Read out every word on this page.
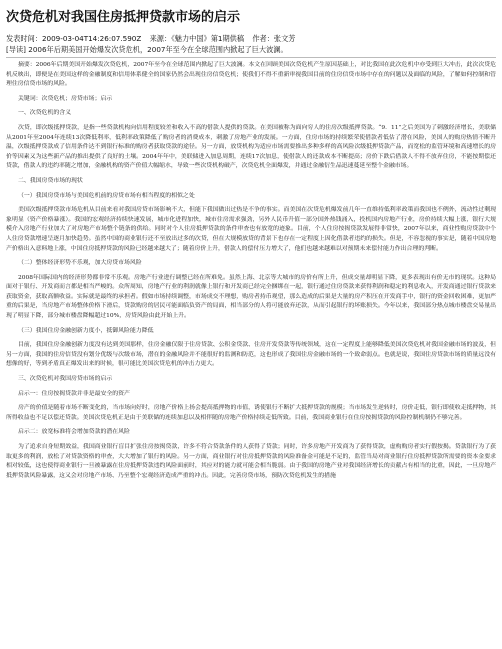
次贷危机对我国住房抵押贷款市场的启示
发表时间：2009-03-04T14:26:07.590Z 来源：《魅力中国》第1期供稿 作者：张文芳
[导读] 2006年后期美国开始爆发次贷危机，2007年至今在全球范围内掀起了巨大波澜。

摘要：2006年后期美国开始爆发次贷危机，2007年至今在全球范围内掀起了巨大波澜。本文在回顾美国次贷危机产生原因基础上，对比我国在此次危机中亦受到巨大冲击，此次次贷危机反映出，即便是在美国这样的金融制度和信用体系健全的国家仍然会出现住房信贷危机；使我们不得不重新审视我国目前的住房信贷市场中存在的问题以及面临的风险，了解如何控制和管理住房信贷市场的风险。

关键词：次贷危机；房贷市场；启示

一、次贷危机的含义

次贷，即次级抵押贷款，是指一些贷款机构向信用程度较差和收入不高的借款人提供的贷款。在美国被称为面向穷人的住房次级抵押贷款。“9．11”之后美国为了刺激经济增长，美联储从2001年至2004年连续13次降低利率，低利率政策降低了购房者的消费成本，刺激了房地产业的发展。一方面，住房市场的持续繁荣使借款者低估了潜在风险，美国人的购房热情不断升温，次级抵押贷款成了信用条件达不到银行标准的购房者获取贷款的途径。另一方面，放贷机构为适应市场需要推出多种多样的高风险次级抵押贷款产品，而宽松的监管环境和高速增长的房价等因素又为这些新产品的推出提供了良好的土壤。2004年年中，美联储进入加息周期，连续17次加息，使借款人的还款成本不断提高；房价下跌后借款人不得不放弃住房，不能按期偿还贷款，借款人的违约率随之增加，金融机构的资产价值大幅缩水，导致一些次贷机构破产，次贷危机全面爆发，并通过金融衍生品迅速蔓延至整个金融市场。

二、我国房贷市场的现状

（一）我国房贷市场与美国危机前的房贷市场有相当程度的相似之处

美国次级抵押贷款市场危机从目前来看对我国房贷市场影响不大，但能下我国做出过热是不争的事实。而美国在次贷危机爆发前几年一直维持低利率政策而我国也不例外，流动性过剩现象明显（资产价格暴涨）。我国的宏观经济持续快速发展，城市化进程加快，城市住房需求强劲，另外人民币升值一部分国外热钱涌入，投机国内房地产行业，房价持续大幅上涨，银行大规模介入房地产行业加大了对房地产市场整个链条的供给。同时对个人住房抵押贷款的条件审查也有放宽的迹象。目前，个人住房按揭贷款发展得非常快，2007年以来，商业性购房贷款中个人住房贷款增速呈逐月加快趋势。虽然中国的商业银行还不至放出过多的次贷，但在大规模放贷的背景下也存在一定程度上因化借款者违约的损失。但是，不容忽视的事实是，随着中国房地产价格出入意料地上涨，中国住房抵押贷款的风险已经越来越大了；随着房价上升，借款人的偿付压力增大了，他们也越来越难以对预期未来偿付能力作出合理的判断。

（二）整体经济形势不乐观，加大房贷市场风险

2008年国际国内的经济形势都非常不乐观。房地产行业进行调整已经在所难免。虽然上海、北京等大城市的房价有所上升，但成交量却明显下降，更多表现出有价无市的现状。这种局面对于银行、开发商而言都是相当严峻的。众所周知，房地产行业的利润就像上银行和开发商已经完全捆绑在一起，银行通过住房贷款来获得利润和稳定的利息收入，开发商通过银行贷款来获取资金，获取高额收益。实际就是最终的承担者。假如市场持续调整，市场成交不理想，购房者持币观望，那么造成的后果是大量的房产积压在开发商手中，银行的资金回收困难，更加严重的后果是，当房地产市场整体价格下滑后，贷款购房的居民可能面临负资产的局面，相当部分的人将可能放弃还款，从而引起银行的坏账损失。今年以来，我国部分热点城市楼盘交易量出现了明显下降，部分城市楼盘降幅超过10%，房贷风险由此开始上升。

（三）我国住房金融创新力度小，抵御风险能力降低

目前，我国住房金融创新力度没有达到美国那样，住房金融仅限于住房贷款、公积金贷款、住房开发贷款等传统领域，这在一定程度上能够降低美国次贷危机对我国金融市场的波及，但另一方面，我国的住房信贷没有划分优级与次级市场，潜在的金融风险并不能很好的监测和防范，这也形成了我国住房金融市场的一个致命弱点。也就是说，我国住房贷款市场的质量远没有想像的好，等到矛盾真正爆发出来的时候，很可能比美国次贷危机的冲击力更大。

三、次贷危机对我国房贷市场的启示

启示一：住房按揭贷款并非是最安全的资产

房产的价值是随着市场不断变化的，当市场向好时，房地产价格上扬会提高抵押物的市值，诱使银行不断扩大抵押贷款的规模；当市场发生逆转时，房价走低，银行即使收走抵押物，其所得收益也不足以偿还贷款。美国次贷危机正是由于美联储的连续加息以及相伴随的房地产价格持续走低所致。目前，我国商业银行在住房按揭贷款的风险控制机制仍不够完善。

启示二：放宽标准将会增加贷款的潜在风险

为了追求自身短期效益，我国商业银行盲目扩张住房按揭贷款，许多不符合贷款条件的人获得了贷款；同时，许多房地产开发商为了获得贷款，虚构购房者实行假按揭。贷款银行为了获取更多的利润，放松了对贷款资格的审查，大大增加了银行的风险。另一方面，商业银行对住房抵押贷款的风险准备金可能是不足的，监管当局对商业银行住房抵押贷款所需要的资本金要求相对较低，这也使得商业银行一旦被暴露在住房抵押贷款违约风险面前时，其应对的能力就可能会相当脆弱。由于我国的房地产业对我国经济增长的贡献占有相当的比重，因此，一旦房地产抵押贷款风险暴露，这又会对房地产市场、乃至整个宏观经济造成严重的冲击。因此，完善房贷市场，预防次贷危机发生的措施
